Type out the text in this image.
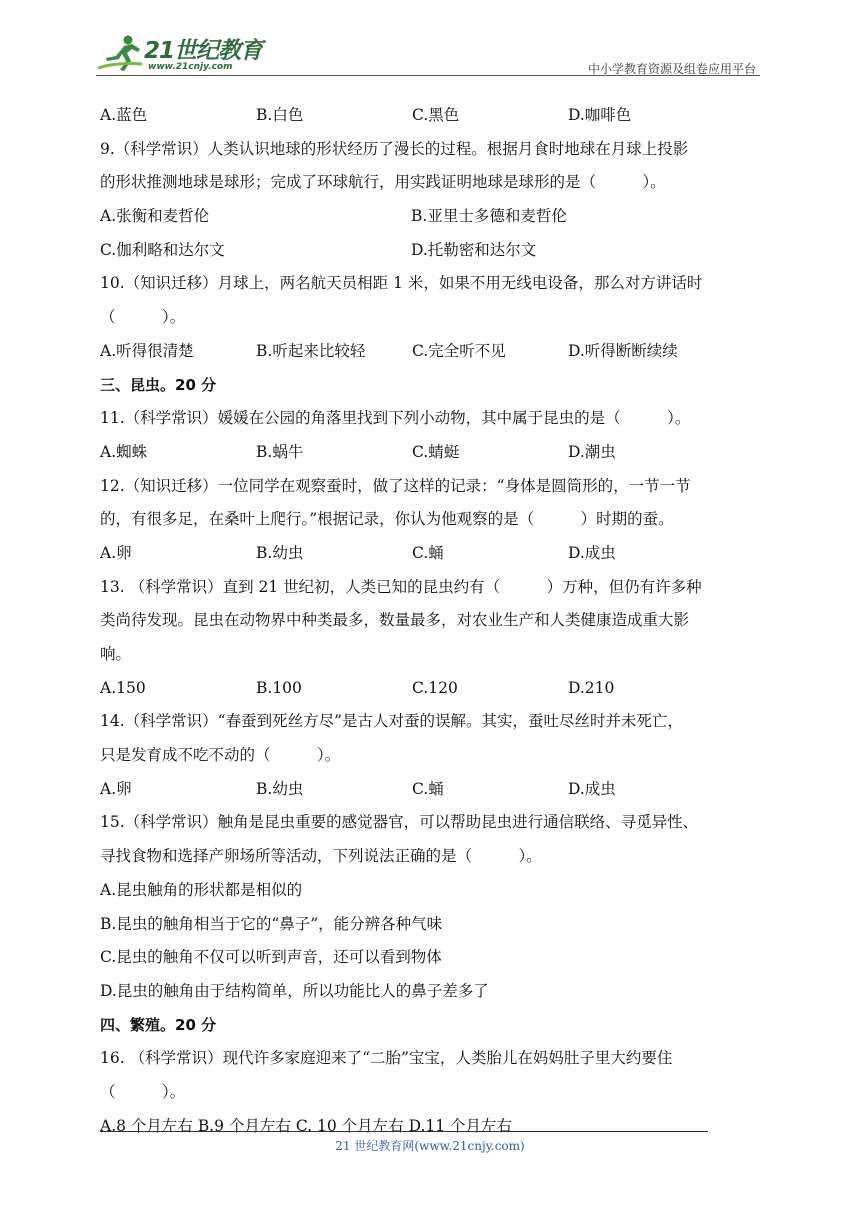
21世纪教育
www.21cnjy.com	中小学教育资源及组卷应用平台
A.蓝色	B.白色	C.黑色	D.咖啡色
9.（科学常识）人类认识地球的形状经历了漫长的过程。根据月食时地球在月球上投影
的形状推测地球是球形；完成了环球航行，用实践证明地球是球形的是（　　　）。
A.张衡和麦哲伦	B.亚里士多德和麦哲伦
C.伽利略和达尔文	D.托勒密和达尔文
10.（知识迁移）月球上，两名航天员相距 1 米，如果不用无线电设备，那么对方讲话时
（　　　）。
A.听得很清楚	B.听起来比较轻	C.完全听不见	D.听得断断续续
三、昆虫。20 分
11.（科学常识）媛媛在公园的角落里找到下列小动物，其中属于昆虫的是（　　　）。
A.蜘蛛	B.蜗牛	C.蜻蜓	D.潮虫
12.（知识迁移）一位同学在观察蚕时，做了这样的记录：“身体是圆筒形的，一节一节
的，有很多足，在桑叶上爬行。”根据记录，你认为他观察的是（　　　）时期的蚕。
A.卵	B.幼虫	C.蛹	D.成虫
13. （科学常识）直到 21 世纪初，人类已知的昆虫约有（　　　）万种，但仍有许多种
类尚待发现。昆虫在动物界中种类最多，数量最多，对农业生产和人类健康造成重大影
响。
A.150	B.100	C.120	D.210
14.（科学常识）“春蚕到死丝方尽”是古人对蚕的误解。其实，蚕吐尽丝时并未死亡，
只是发育成不吃不动的（　　　）。
A.卵	B.幼虫	C.蛹	D.成虫
15.（科学常识）触角是昆虫重要的感觉器官，可以帮助昆虫进行通信联络、寻觅异性、
寻找食物和选择产卵场所等活动，下列说法正确的是（　　　）。
A.昆虫触角的形状都是相似的
B.昆虫的触角相当于它的“鼻子”，能分辨各种气味
C.昆虫的触角不仅可以听到声音，还可以看到物体
D.昆虫的触角由于结构简单，所以功能比人的鼻子差多了
四、繁殖。20 分
16. （科学常识）现代许多家庭迎来了“二胎”宝宝，人类胎儿在妈妈肚子里大约要住
（　　　）。
A.8 个月左右 B.9 个月左右 C. 10 个月左右 D.11 个月左右
21 世纪教育网(www.21cnjy.com)
